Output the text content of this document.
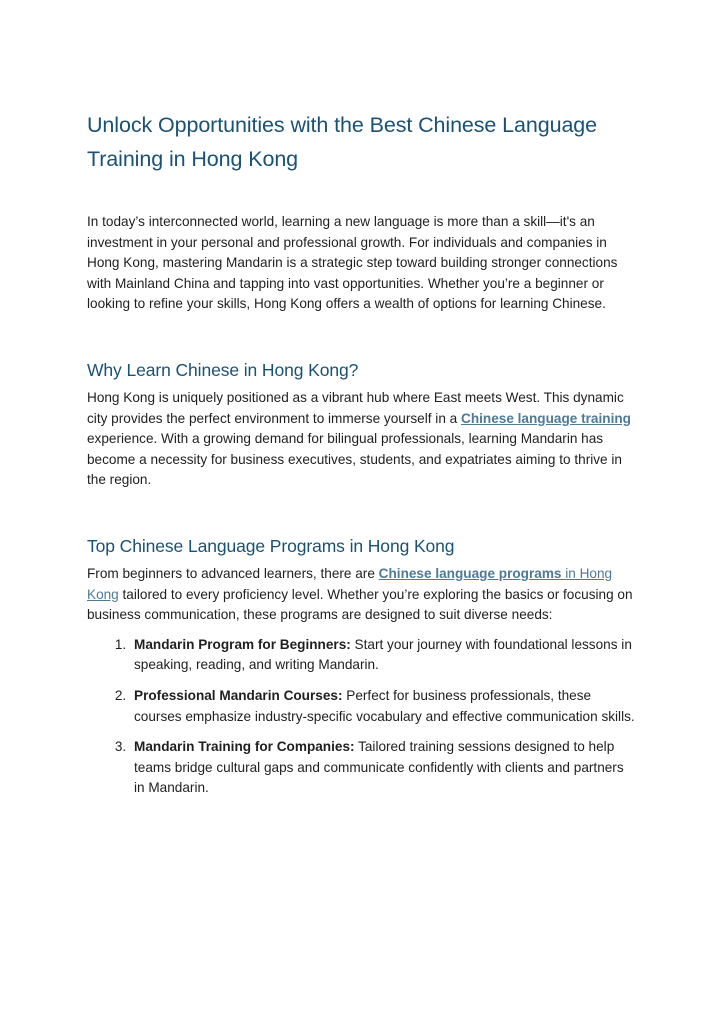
Unlock Opportunities with the Best Chinese Language Training in Hong Kong

In today’s interconnected world, learning a new language is more than a skill—it's an investment in your personal and professional growth. For individuals and companies in Hong Kong, mastering Mandarin is a strategic step toward building stronger connections with Mainland China and tapping into vast opportunities. Whether you’re a beginner or looking to refine your skills, Hong Kong offers a wealth of options for learning Chinese.

Why Learn Chinese in Hong Kong?

Hong Kong is uniquely positioned as a vibrant hub where East meets West. This dynamic city provides the perfect environment to immerse yourself in a Chinese language training experience. With a growing demand for bilingual professionals, learning Mandarin has become a necessity for business executives, students, and expatriates aiming to thrive in the region.

Top Chinese Language Programs in Hong Kong

From beginners to advanced learners, there are Chinese language programs in Hong Kong tailored to every proficiency level. Whether you’re exploring the basics or focusing on business communication, these programs are designed to suit diverse needs:

1. Mandarin Program for Beginners: Start your journey with foundational lessons in speaking, reading, and writing Mandarin.
2. Professional Mandarin Courses: Perfect for business professionals, these courses emphasize industry-specific vocabulary and effective communication skills.
3. Mandarin Training for Companies: Tailored training sessions designed to help teams bridge cultural gaps and communicate confidently with clients and partners in Mandarin.
